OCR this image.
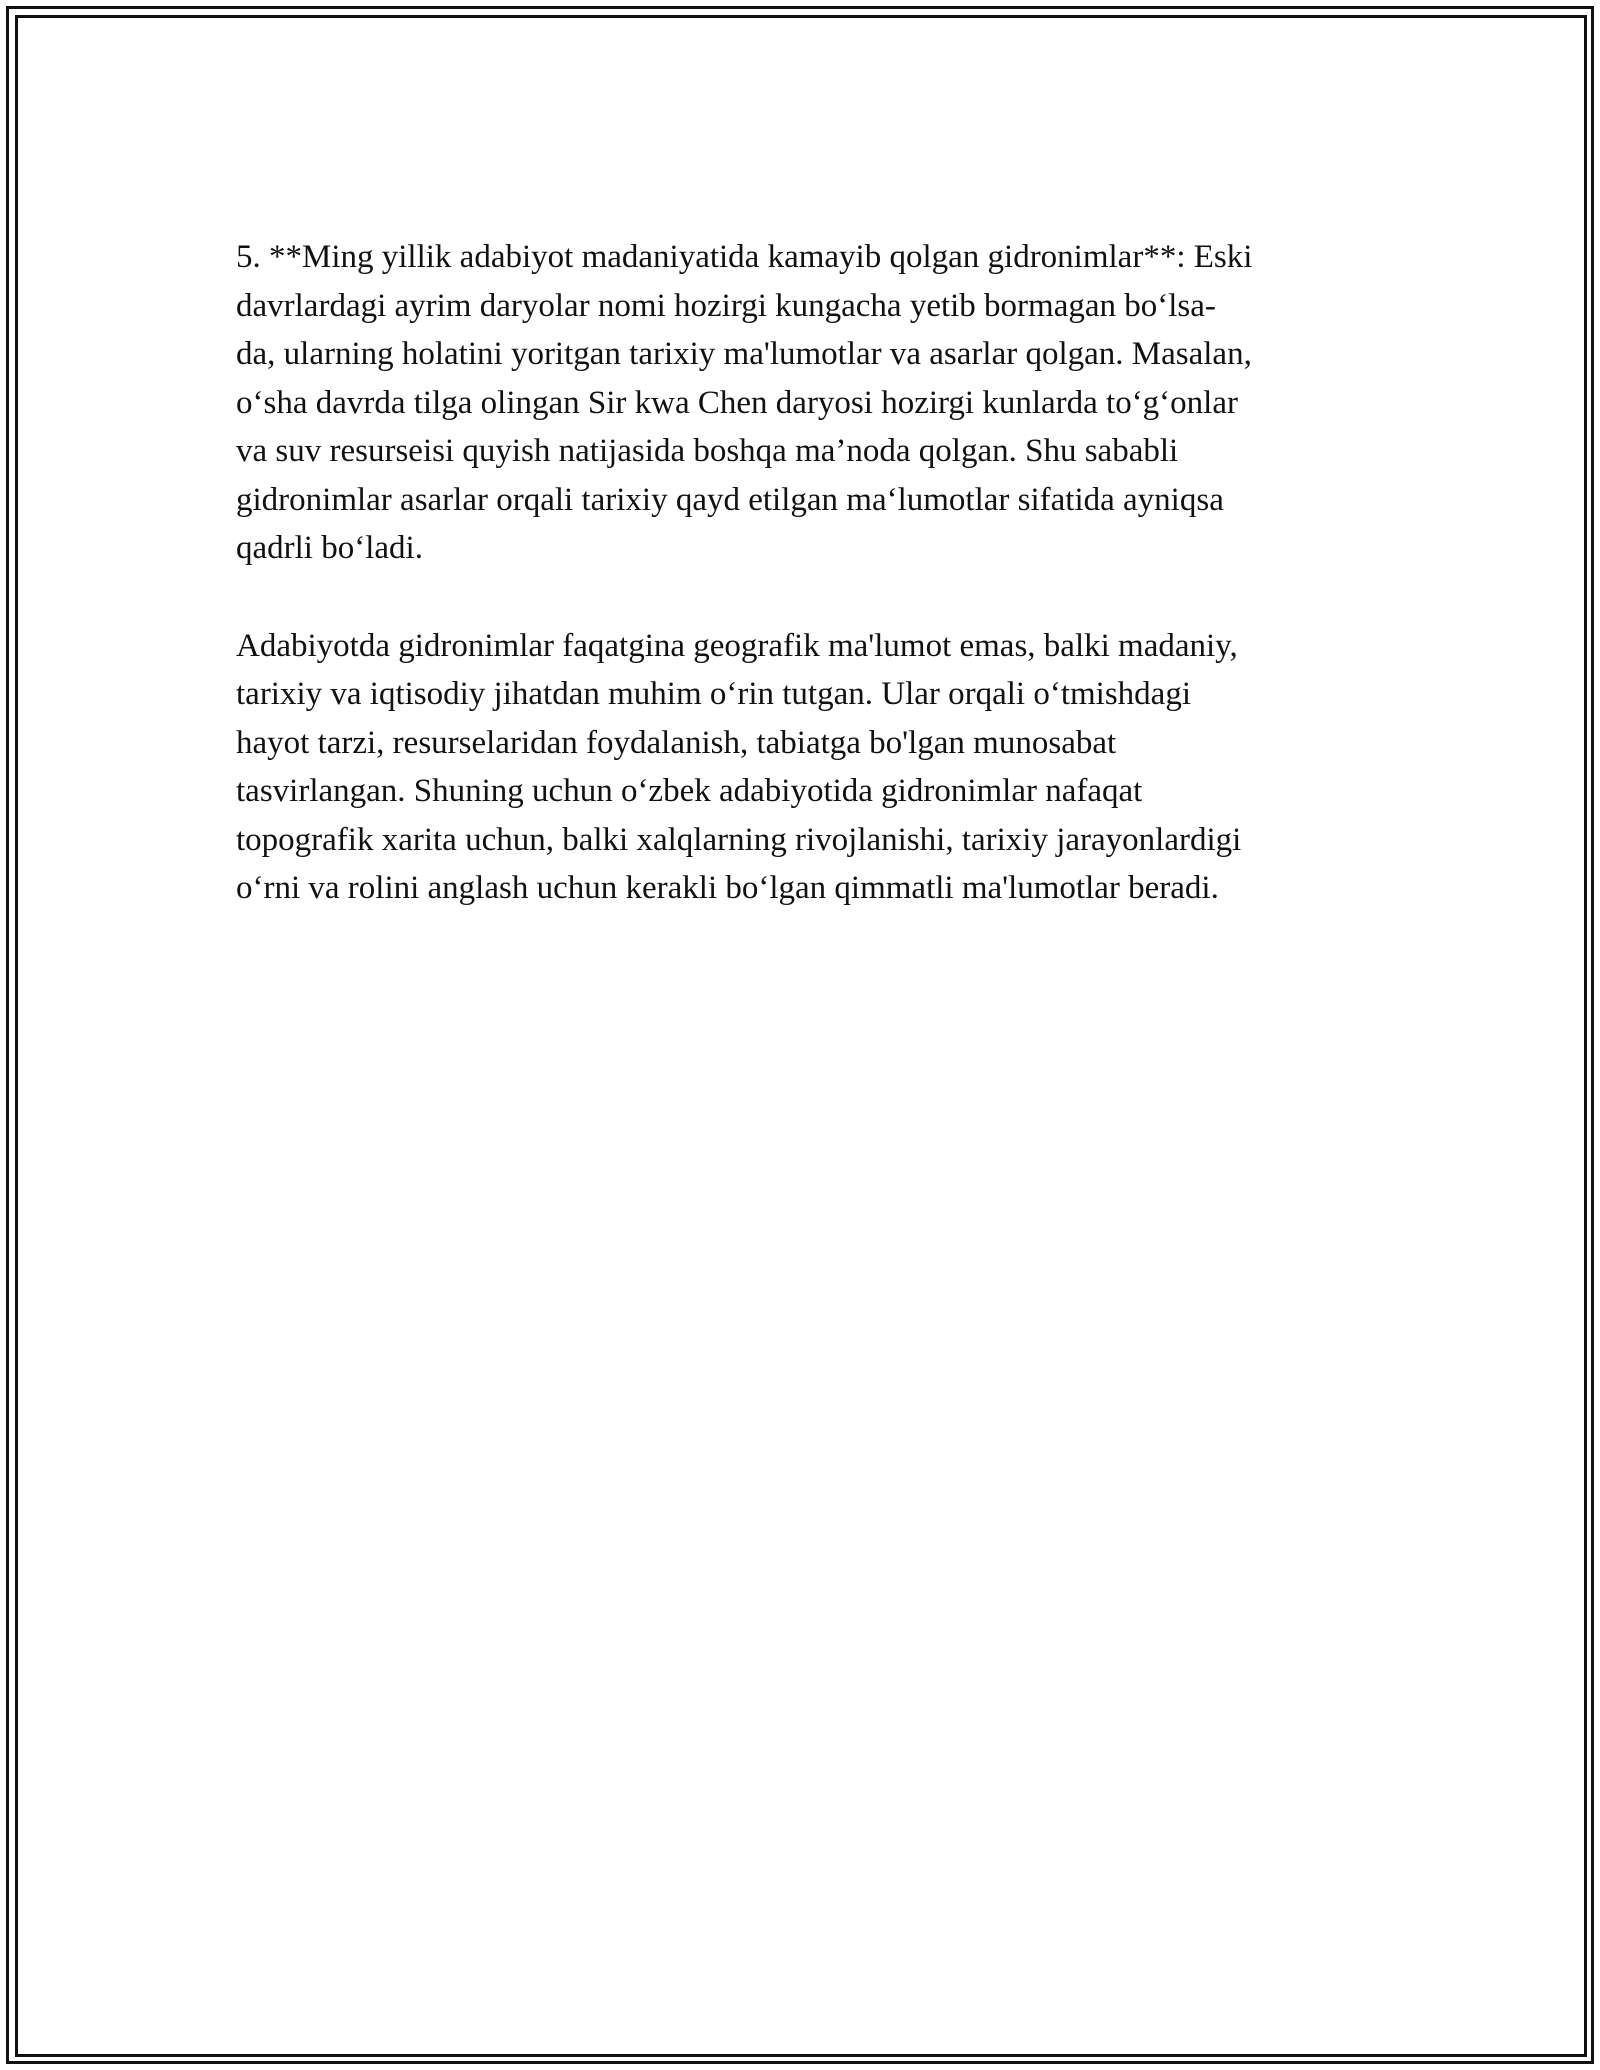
5. **Ming yillik adabiyot madaniyatida kamayib qolgan gidronimlar**: Eski
davrlardagi ayrim daryolar nomi hozirgi kungacha yetib bormagan bo‘lsa-
da, ularning holatini yoritgan tarixiy ma'lumotlar va asarlar qolgan. Masalan,
o‘sha davrda tilga olingan Sir kwa Chen daryosi hozirgi kunlarda to‘g‘onlar
va suv resurseisi quyish natijasida boshqa ma’noda qolgan. Shu sababli
gidronimlar asarlar orqali tarixiy qayd etilgan ma‘lumotlar sifatida ayniqsa
qadrli bo‘ladi.

Adabiyotda gidronimlar faqatgina geografik ma'lumot emas, balki madaniy,
tarixiy va iqtisodiy jihatdan muhim o‘rin tutgan. Ular orqali o‘tmishdagi
hayot tarzi, resurselaridan foydalanish, tabiatga bo'lgan munosabat
tasvirlangan. Shuning uchun o‘zbek adabiyotida gidronimlar nafaqat
topografik xarita uchun, balki xalqlarning rivojlanishi, tarixiy jarayonlardigi
o‘rni va rolini anglash uchun kerakli bo‘lgan qimmatli ma'lumotlar beradi.
